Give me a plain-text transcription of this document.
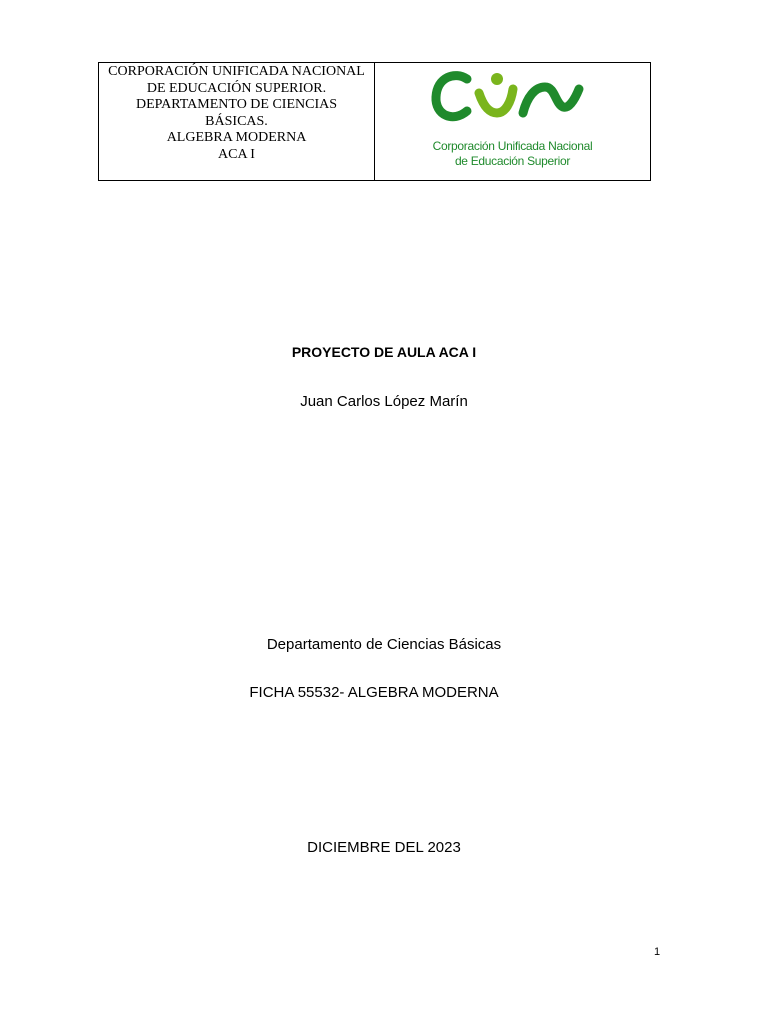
CORPORACIÓN UNIFICADA NACIONAL
DE EDUCACIÓN SUPERIOR.
DEPARTAMENTO DE CIENCIAS
BÁSICAS.
ALGEBRA MODERNA
ACA I
Corporación Unificada Nacional
de Educación Superior
PROYECTO DE AULA ACA I
Juan Carlos López Marín
Departamento de Ciencias Básicas
FICHA 55532- ALGEBRA MODERNA
DICIEMBRE DEL 2023
1
